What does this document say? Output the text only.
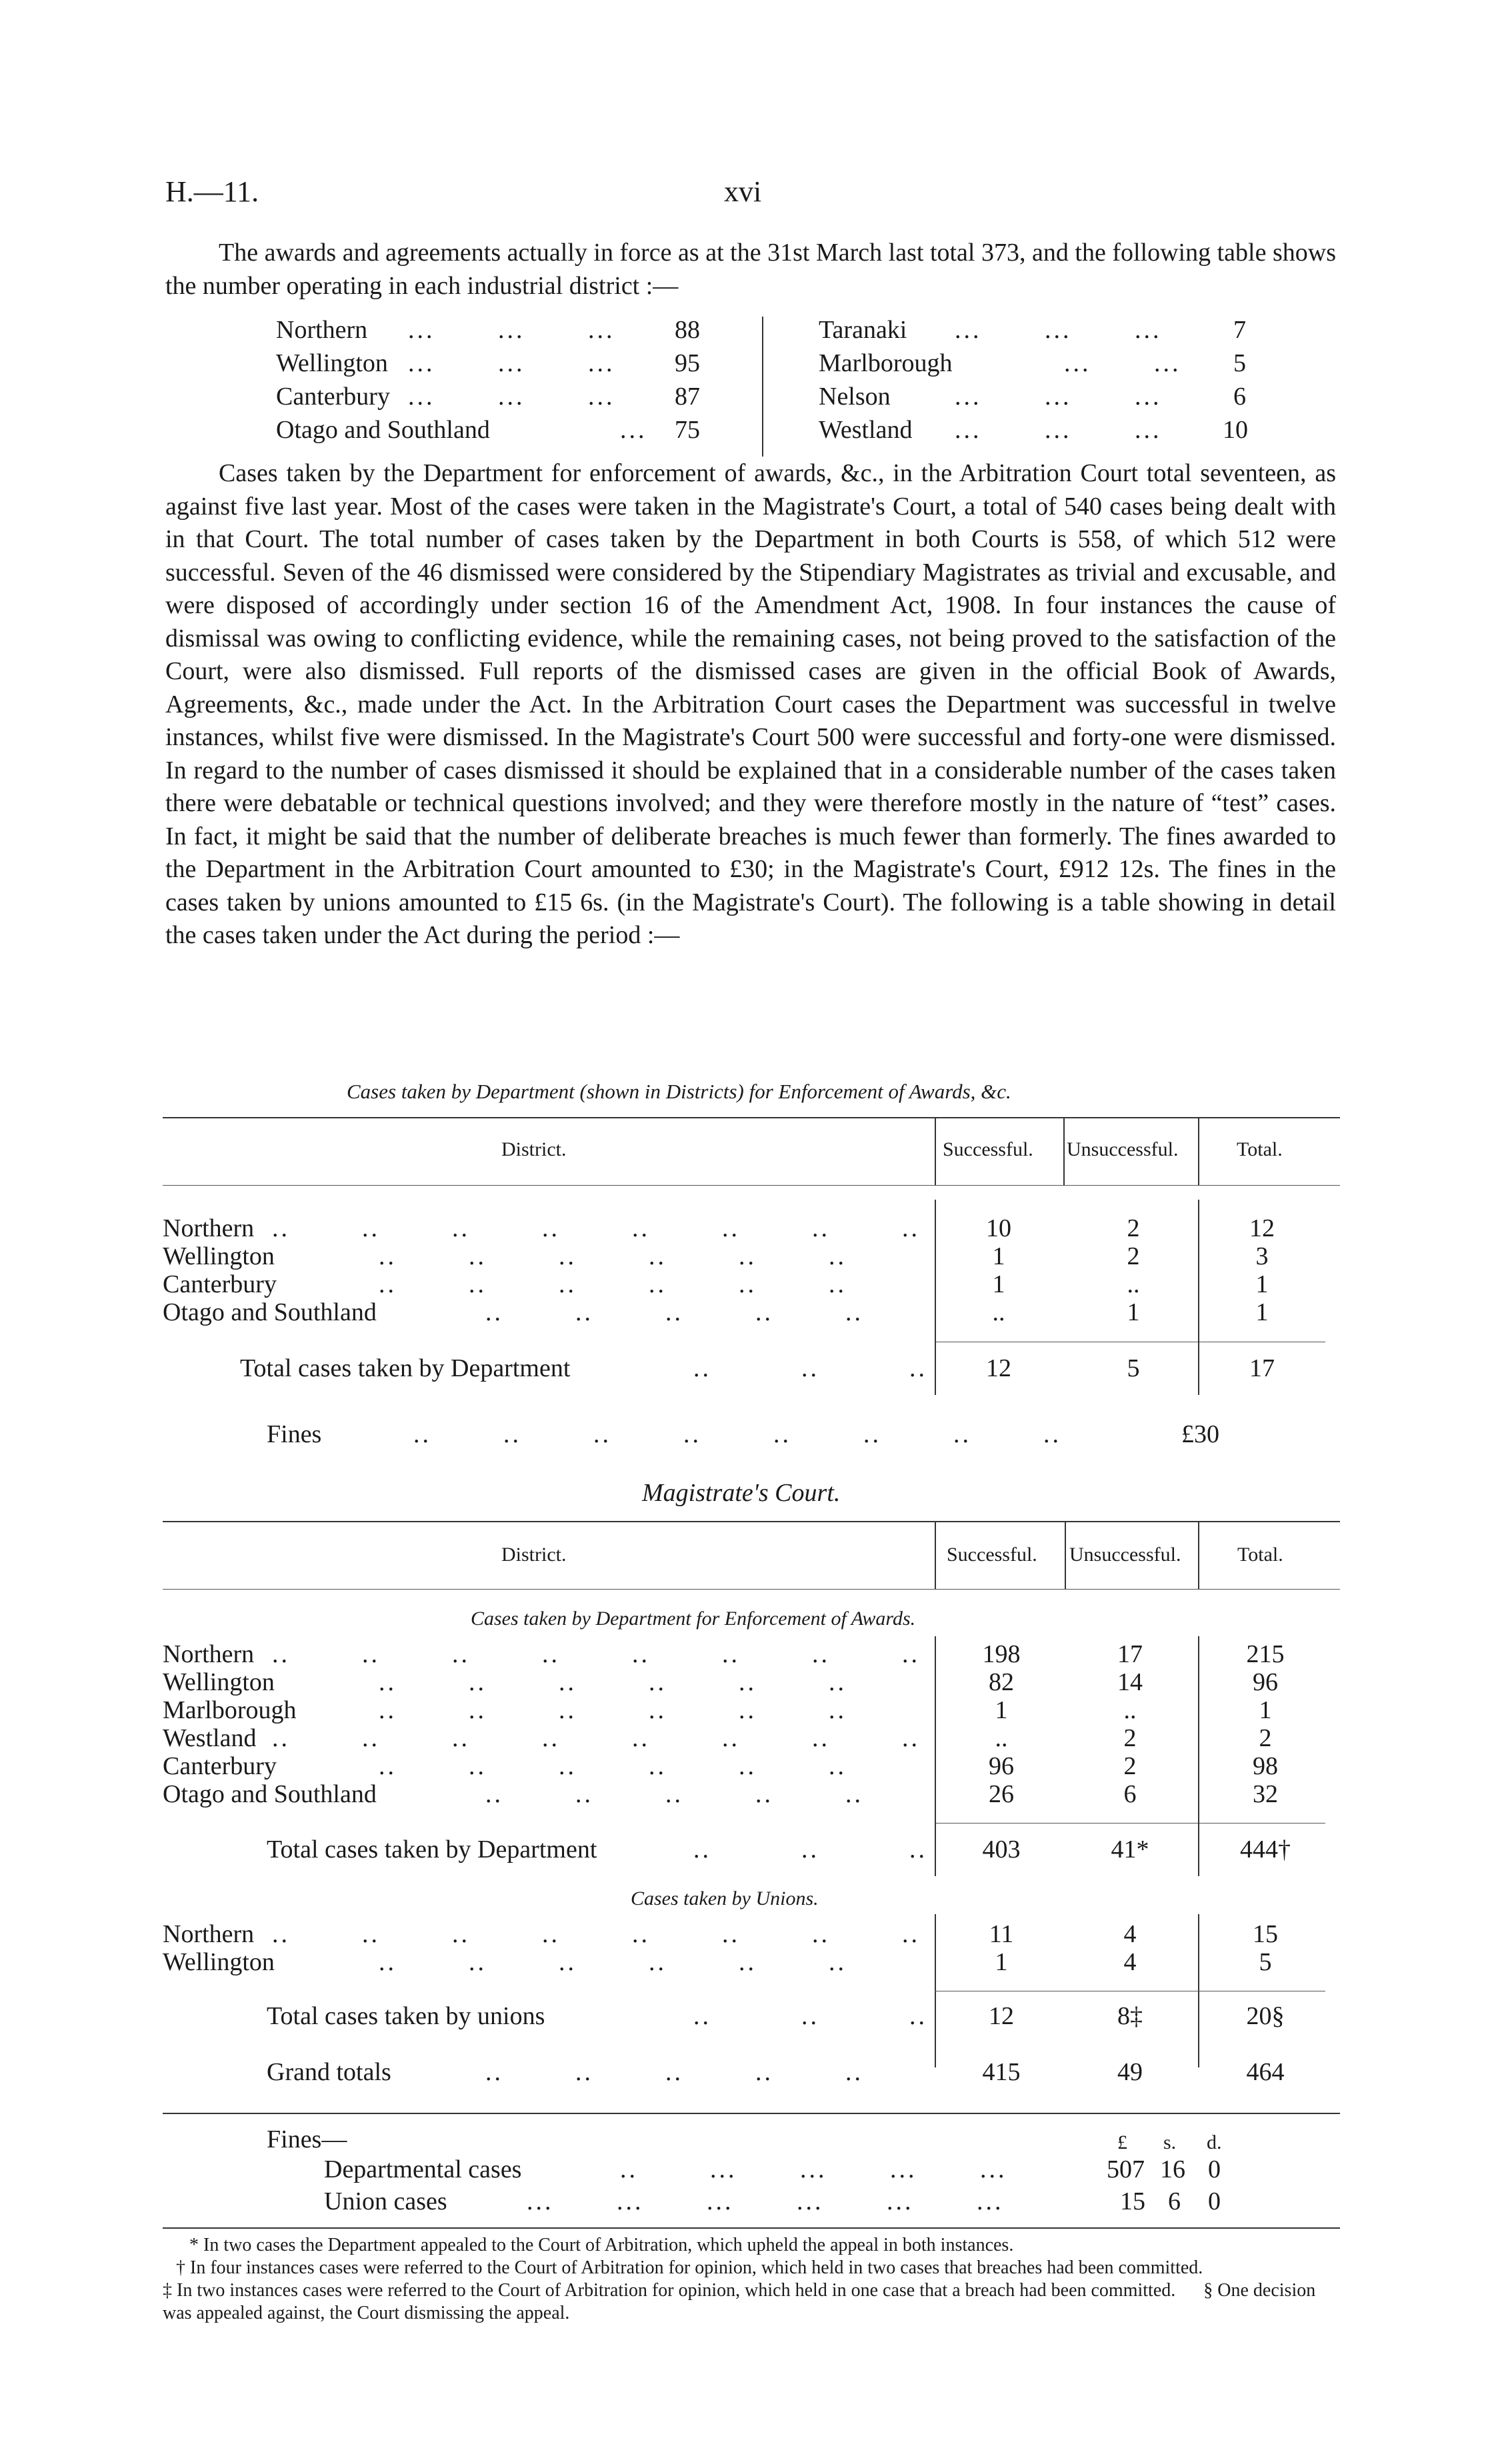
H.—11.	xvi
The awards and agreements actually in force as at the 31st March last total 373, and the following table shows the number operating in each industrial district :—
Northern ...       ...       ... 88
Wellington ...       ...       ... 95
Canterbury ...       ...       ... 87
Otago and Southland	... 75
Taranaki ...       ...       ...	7
Marlborough	...       ... 5
Nelson	...       ...       ...	6
Westland ...       ...       ... 10
Cases taken by the Department for enforcement of awards, &c., in the Arbitration Court total seventeen, as against five last year. Most of the cases were taken in the Magistrate's Court, a total of 540 cases being dealt with in that Court. The total number of cases taken by the Department in both Courts is 558, of which 512 were successful. Seven of the 46 dismissed were considered by the Stipendiary Magistrates as trivial and excusable, and were disposed of accordingly under section 16 of the Amendment Act, 1908. In four instances the cause of dismissal was owing to conflicting evidence, while the remaining cases, not being proved to the satisfaction of the Court, were also dismissed. Full reports of the dismissed cases are given in the official Book of Awards, Agreements, &c., made under the Act. In the Arbitration Court cases the Department was successful in twelve instances, whilst five were dismissed. In the Magistrate's Court 500 were successful and forty-one were dismissed. In regard to the number of cases dismissed it should be explained that in a considerable number of the cases taken there were debatable or technical questions involved; and they were therefore mostly in the nature of “test” cases. In fact, it might be said that the number of deliberate breaches is much fewer than formerly. The fines awarded to the Department in the Arbitration Court amounted to £30; in the Magistrate's Court, £912 12s. The fines in the cases taken by unions amounted to £15 6s. (in the Magistrate's Court). The following is a table showing in detail the cases taken under the Act during the period :—
Cases taken by Department (shown in Districts) for Enforcement of Awards, &c.
District.	Successful. Unsuccessful.	Total.
Northern ..        ..        ..        ..        ..        ..        ..        ..	10	2	12
Wellington	..        ..        ..        ..        ..        ..	1	2	3
Canterbury	..        ..        ..        ..        ..        ..	1	..	1
Otago and Southland	..        ..        ..        ..        ..	..	1	1
Total cases taken by Department	..          ..          ..	12	5	17
Fines	..        ..        ..        ..        ..        ..        ..        ..	£30
Magistrate's Court.
District.	Successful. Unsuccessful.	Total.
Cases taken by Department for Enforcement of Awards.
Northern ..        ..        ..        ..        ..        ..        ..        ..	198	17	215
Wellington	..        ..        ..        ..        ..        ..	82	14	96
Marlborough	..        ..        ..        ..        ..        ..	1	..	1
Westland ..        ..        ..        ..        ..        ..        ..        ..	..	2	2
Canterbury	..        ..        ..        ..        ..        ..	96	2	98
Otago and Southland	..        ..        ..        ..        ..	26	6	32
Total cases taken by Department	..          ..          ..	403	41*	444†
Cases taken by Unions.
Northern ..        ..        ..        ..        ..        ..        ..        ..	11	4	15
Wellington	..        ..        ..        ..        ..        ..	1	4	5
Total cases taken by unions	..          ..          ..	12	8‡	20§
Grand totals	..        ..        ..        ..        ..	415	49	464
Fines—	£ s. d.
Departmental cases	..        ...       ...       ...       ...	507 16 0
Union cases	...       ...       ...       ...       ...       ...	15 6 0
* In two cases the Department appealed to the Court of Arbitration, which upheld the appeal in both instances.
† In four instances cases were referred to the Court of Arbitration for opinion, which held in two cases that breaches had been committed.
‡ In two instances cases were referred to the Court of Arbitration for opinion, which held in one case that a breach had been committed. § One decision was appealed against, the Court dismissing the appeal.
